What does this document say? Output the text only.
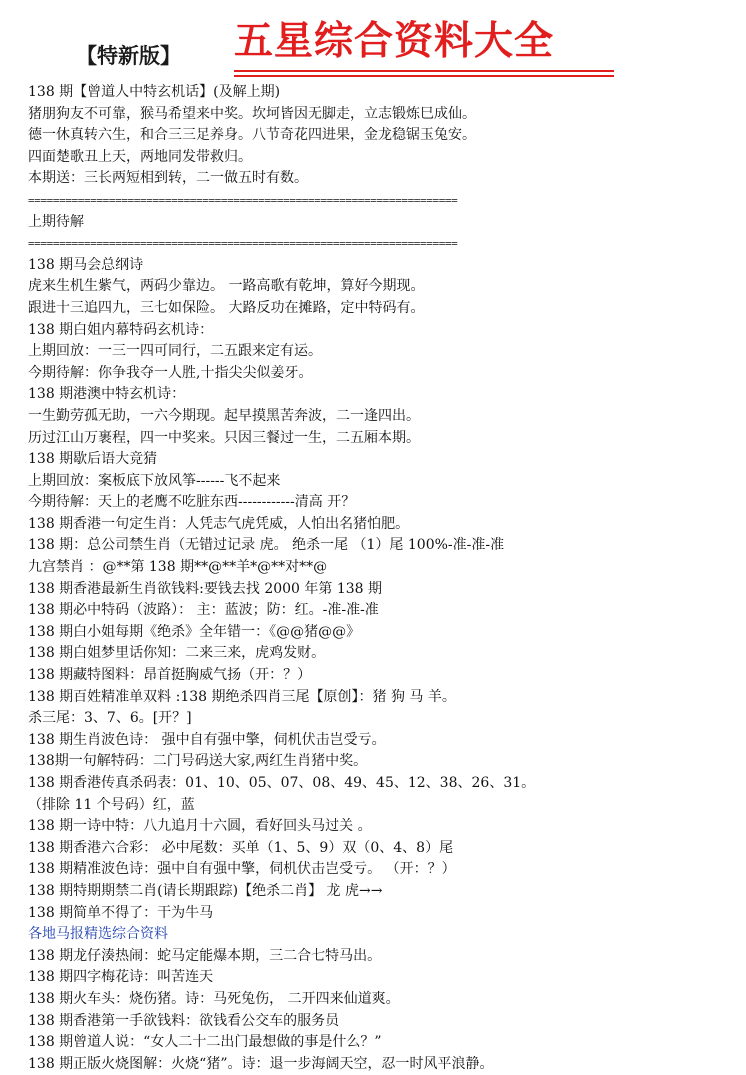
【特新版】 五星综合资料大全
138 期【曾道人中特玄机话】(及解上期)
猪朋狗友不可靠，猴马希望来中奖。坎坷皆因无脚走，立志锻炼巳成仙。
德一休真转六生，和合三三足养身。八节奇花四进果，金龙稳锯玉兔安。
四面楚歌丑上天，两地同发带救归。
本期送：三长两短相到转，二一做五时有数。
=====================================================================
上期待解
=====================================================================
138 期马会总纲诗
虎来生机生紫气，两码少靠边。 一路高歌有乾坤，算好今期现。
跟进十三追四九，三七如保险。 大路反功在摊路，定中特码有。
138 期白姐内幕特码玄机诗：
上期回放：一三一四可同行，二五跟来定有运。
今期待解：你争我夺一人胜,十指尖尖似姜牙。
138 期港澳中特玄机诗：
一生勤劳孤无助，一六今期现。起早摸黑苦奔波，二一逢四出。
历过江山万裹程，四一中奖来。只因三餐过一生，二五厢本期。
138 期歇后语大竞猜
上期回放：案板底下放风筝------飞不起来
今期待解：天上的老鹰不吃脏东西------------清高 开？
138 期香港一句定生肖：人凭志气虎凭威，人怕出名猪怕肥。
138 期：总公司禁生肖（无错过记录 虎。 绝杀一尾 （1）尾 100%-准-准-准
九宫禁肖 ：@**第 138 期**@**羊*@**对**@
138 期香港最新生肖欲钱料:要钱去找 2000 年第 138 期
138 期必中特码（波路）： 主：蓝波；防：红。-准-准-准
138 期白小姐每期《绝杀》全年错一：《@@猪@@》
138 期白姐梦里话你知：二来三来，虎鸡发财。
138 期藏特图料：昂首挺胸威气扬（开：？）
138 期百姓精准单双料 :138 期绝杀四肖三尾【原创】：猪 狗 马 羊。
杀三尾：3、7、6。[开？]
138 期生肖波色诗： 强中自有强中擎，伺机伏击岂受亏。
138期一句解特码：二门号码送大家,两红生肖猪中奖。
138 期香港传真杀码表：01、10、05、07、08、49、45、12、38、26、31。
（排除 11 个号码）红，蓝
138 期一诗中特：八九追月十六圆，看好回头马过关 。
138 期香港六合彩： 必中尾数：买单（1、5、9）双（0、4、8）尾
138 期精准波色诗：强中自有强中擎，伺机伏击岂受亏。 （开：？）
138 期特期期禁二肖(请长期跟踪)【绝杀二肖】 龙 虎→→
138 期简单不得了：干为牛马
各地马报精选综合资料
138 期龙仔湊热闹：蛇马定能爆本期，三二合七特马出。
138 期四字梅花诗：叫苦连天
138 期火车头：烧伤猪。诗：马死兔伤， 二开四来仙道爽。
138 期香港第一手欲钱料：欲钱看公交车的服务员
138 期曾道人说：“女人二十二出门最想做的事是什么？”
138 期正版火烧图解：火烧“猪”。诗：退一步海阔天空，忍一时风平浪静。
